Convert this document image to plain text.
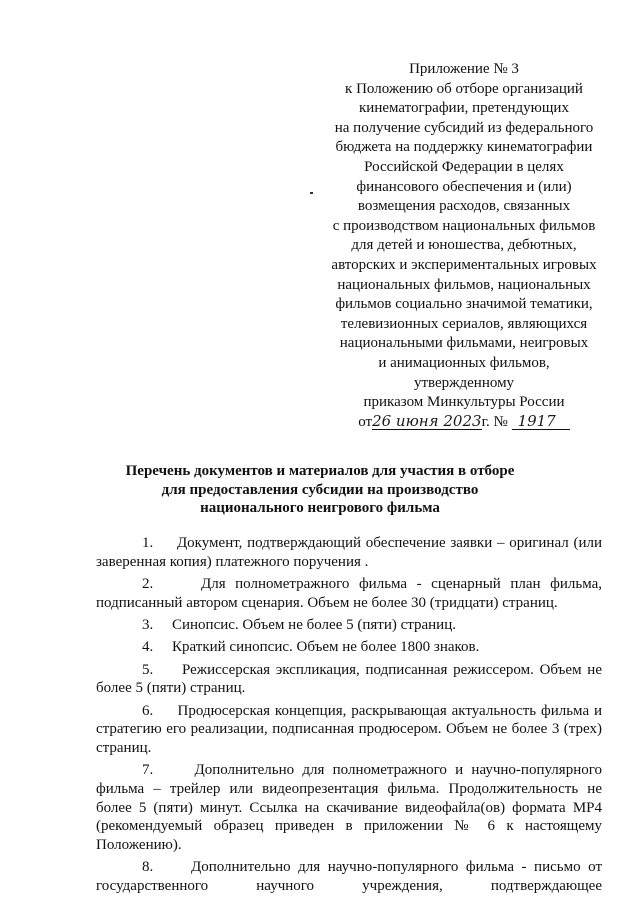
Приложение № 3
к Положению об отборе организаций
кинематографии, претендующих
на получение субсидий из федерального
бюджета на поддержку кинематографии
Российской Федерации в целях
финансового обеспечения и (или)
возмещения расходов, связанных
с производством национальных фильмов
для детей и юношества, дебютных,
авторских и экспериментальных игровых
национальных фильмов, национальных
фильмов социально значимой тематики,
телевизионных сериалов, являющихся
национальными фильмами, неигровых
и анимационных фильмов,
утвержденному
приказом Минкультуры России
от26 июня 2023г. № 1917
Перечень документов и материалов для участия в отборе
для предоставления субсидии на производство
национального неигрового фильма
1. Документ, подтверждающий обеспечение заявки – оригинал (или заверенная копия) платежного поручения .
2.	Для полнометражного фильма - сценарный план фильма, подписанный автором сценария. Объем не более 30 (тридцати) страниц.
3. Синопсис. Объем не более 5 (пяти) страниц.
4. Краткий синопсис. Объем не более 1800 знаков.
5. Режиссерская экспликация, подписанная режиссером. Объем не более 5 (пяти) страниц.
6. Продюсерская концепция, раскрывающая актуальность фильма и стратегию его реализации, подписанная продюсером. Объем не более 3 (трех) страниц.
7.	Дополнительно для полнометражного и научно-популярного фильма – трейлер или видеопрезентация фильма. Продолжительность не более 5 (пяти) минут. Ссылка на скачивание видеофайла(ов) формата MP4 (рекомендуемый образец приведен в приложении № 6 к настоящему Положению).
8.	Дополнительно для научно-популярного фильма - письмо от государственного научного учреждения, подтверждающее
